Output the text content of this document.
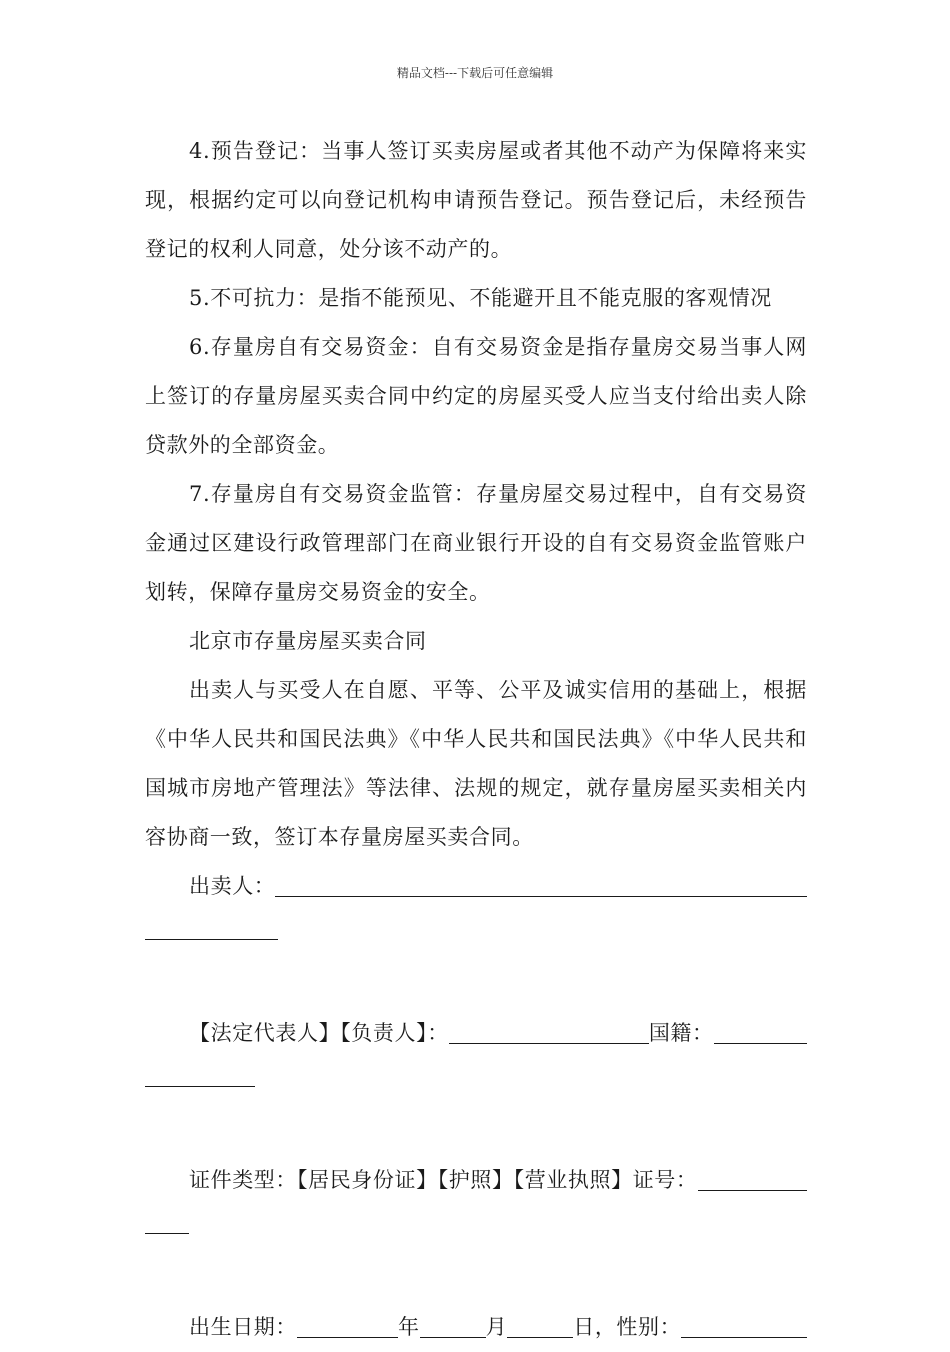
精品文档---下载后可任意编辑

4.预告登记：当事人签订买卖房屋或者其他不动产为保障将来实现，根据约定可以向登记机构申请预告登记。预告登记后，未经预告登记的权利人同意，处分该不动产的。

5.不可抗力：是指不能预见、不能避开且不能克服的客观情况

6.存量房自有交易资金：自有交易资金是指存量房交易当事人网上签订的存量房屋买卖合同中约定的房屋买受人应当支付给出卖人除贷款外的全部资金。

7.存量房自有交易资金监管：存量房屋交易过程中，自有交易资金通过区建设行政管理部门在商业银行开设的自有交易资金监管账户划转，保障存量房交易资金的安全。

北京市存量房屋买卖合同

出卖人与买受人在自愿、平等、公平及诚实信用的基础上，根据《中华人民共和国民法典》《中华人民共和国民法典》《中华人民共和国城市房地产管理法》等法律、法规的规定，就存量房屋买卖相关内容协商一致，签订本存量房屋买卖合同。

出卖人：
【法定代表人】【负责人】：	国籍：
证件类型：【居民身份证】【护照】【营业执照】证号：
出生日期：	年	月	日，性别：
